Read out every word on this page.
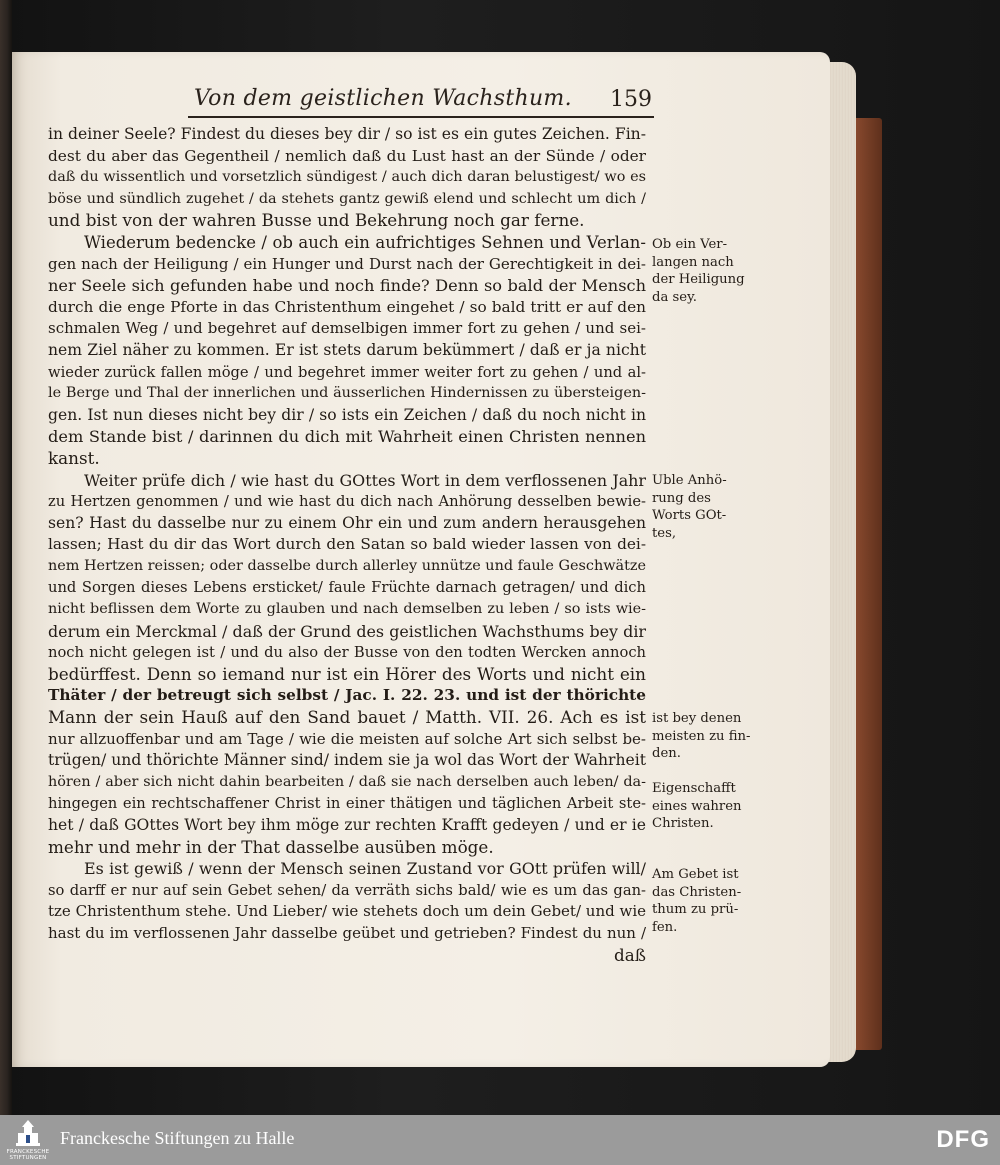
Von dem geistlichen Wachsthum. 159
in deiner Seele? Findest du dieses bey dir / so ist es ein gutes Zeichen. Fin-
dest du aber das Gegentheil / nemlich daß du Lust hast an der Sünde / oder
daß du wissentlich und vorsetzlich sündigest / auch dich daran belustigest/ wo es
böse und sündlich zugehet / da stehets gantz gewiß elend und schlecht um dich /
und bist von der wahren Busse und Bekehrung noch gar ferne.
Wiederum bedencke / ob auch ein aufrichtiges Sehnen und Verlan-
gen nach der Heiligung / ein Hunger und Durst nach der Gerechtigkeit in dei-
ner Seele sich gefunden habe und noch finde? Denn so bald der Mensch
durch die enge Pforte in das Christenthum eingehet / so bald tritt er auf den
schmalen Weg / und begehret auf demselbigen immer fort zu gehen / und sei-
nem Ziel näher zu kommen. Er ist stets darum bekümmert / daß er ja nicht
wieder zurück fallen möge / und begehret immer weiter fort zu gehen / und al-
le Berge und Thal der innerlichen und äusserlichen Hindernissen zu übersteigen-
gen. Ist nun dieses nicht bey dir / so ists ein Zeichen / daß du noch nicht in
dem Stande bist / darinnen du dich mit Wahrheit einen Christen nennen
kanst.
Weiter prüfe dich / wie hast du GOttes Wort in dem verflossenen Jahr
zu Hertzen genommen / und wie hast du dich nach Anhörung desselben bewie-
sen? Hast du dasselbe nur zu einem Ohr ein und zum andern herausgehen
lassen; Hast du dir das Wort durch den Satan so bald wieder lassen von dei-
nem Hertzen reissen; oder dasselbe durch allerley unnütze und faule Geschwätze
und Sorgen dieses Lebens ersticket/ faule Früchte darnach getragen/ und dich
nicht beflissen dem Worte zu glauben und nach demselben zu leben / so ists wie-
derum ein Merckmal / daß der Grund des geistlichen Wachsthums bey dir
noch nicht gelegen ist / und du also der Busse von den todten Wercken annoch
bedürffest. Denn so iemand nur ist ein Hörer des Worts und nicht ein
Thäter / der betreugt sich selbst / Jac. I. 22. 23. und ist der thörichte
Mann der sein Hauß auf den Sand bauet / Matth. VII. 26. Ach es ist
nur allzuoffenbar und am Tage / wie die meisten auf solche Art sich selbst be-
trügen/ und thörichte Männer sind/ indem sie ja wol das Wort der Wahrheit
hören / aber sich nicht dahin bearbeiten / daß sie nach derselben auch leben/ da-
hingegen ein rechtschaffener Christ in einer thätigen und täglichen Arbeit ste-
het / daß GOttes Wort bey ihm möge zur rechten Krafft gedeyen / und er ie
mehr und mehr in der That dasselbe ausüben möge.
Es ist gewiß / wenn der Mensch seinen Zustand vor GOtt prüfen will/
so darff er nur auf sein Gebet sehen/ da verräth sichs bald/ wie es um das gan-
tze Christenthum stehe. Und Lieber/ wie stehets doch um dein Gebet/ und wie
hast du im verflossenen Jahr dasselbe geübet und getrieben? Findest du nun /
daß
Ob ein Ver-
langen nach
der Heiligung
da sey.
Uble Anhö-
rung des
Worts GOt-
tes,
ist bey denen
meisten zu fin-
den.
Eigenschafft
eines wahren
Christen.
Am Gebet ist
das Christen-
thum zu prü-
fen.
FRANCKESCHE STIFTUNGEN
Franckesche Stiftungen zu Halle	DFG
